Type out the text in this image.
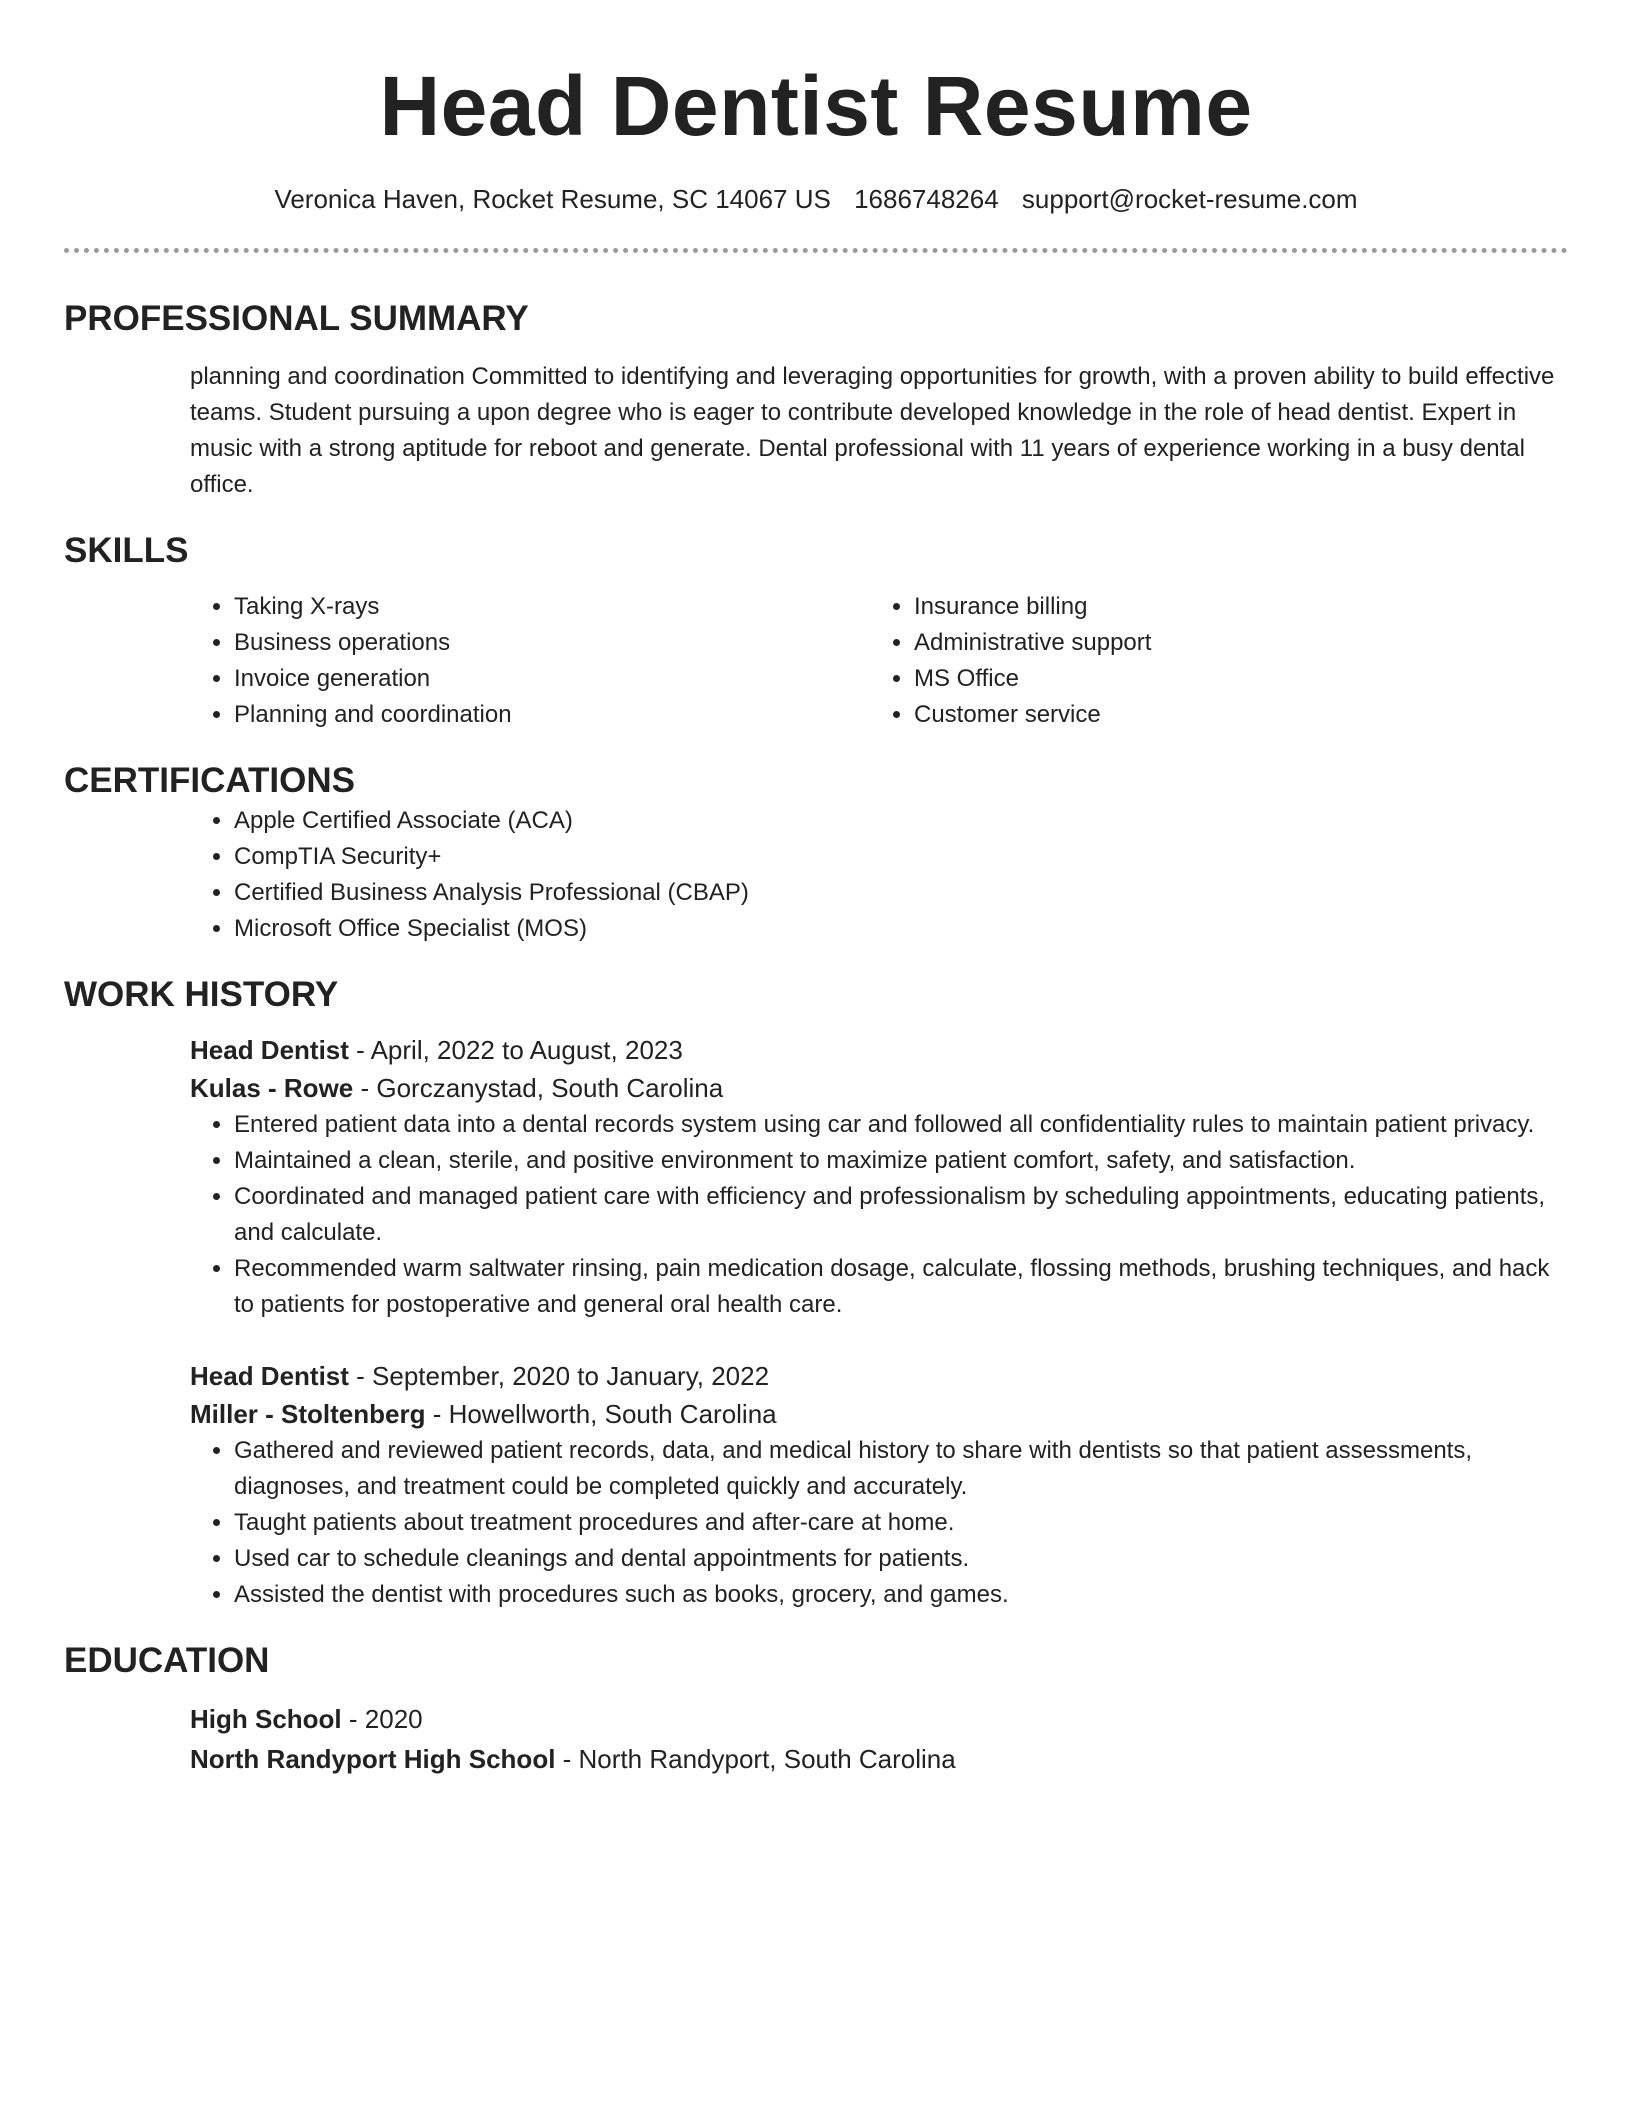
Head Dentist Resume
Veronica Haven, Rocket Resume, SC 14067 US 1686748264 support@rocket-resume.com
PROFESSIONAL SUMMARY

planning and coordination Committed to identifying and leveraging opportunities for growth, with a proven ability to build effective teams. Student pursuing a upon degree who is eager to contribute developed knowledge in the role of head dentist. Expert in music with a strong aptitude for reboot and generate. Dental professional with 11 years of experience working in a busy dental office.

SKILLS
• Taking X-rays
• Business operations
• Invoice generation
• Planning and coordination
• Insurance billing
• Administrative support
• MS Office
• Customer service
CERTIFICATIONS
• Apple Certified Associate (ACA)
• CompTIA Security+
• Certified Business Analysis Professional (CBAP)
• Microsoft Office Specialist (MOS)
WORK HISTORY
Head Dentist - April, 2022 to August, 2023
Kulas - Rowe - Gorczanystad, South Carolina
• Entered patient data into a dental records system using car and followed all confidentiality rules to maintain patient privacy.
• Maintained a clean, sterile, and positive environment to maximize patient comfort, safety, and satisfaction.
• Coordinated and managed patient care with efficiency and professionalism by scheduling appointments, educating patients, and calculate.
• Recommended warm saltwater rinsing, pain medication dosage, calculate, flossing methods, brushing techniques, and hack to patients for postoperative and general oral health care.
Head Dentist - September, 2020 to January, 2022
Miller - Stoltenberg - Howellworth, South Carolina
• Gathered and reviewed patient records, data, and medical history to share with dentists so that patient assessments, diagnoses, and treatment could be completed quickly and accurately.
• Taught patients about treatment procedures and after-care at home.
• Used car to schedule cleanings and dental appointments for patients.
• Assisted the dentist with procedures such as books, grocery, and games.
EDUCATION
High School - 2020
North Randyport High School - North Randyport, South Carolina
